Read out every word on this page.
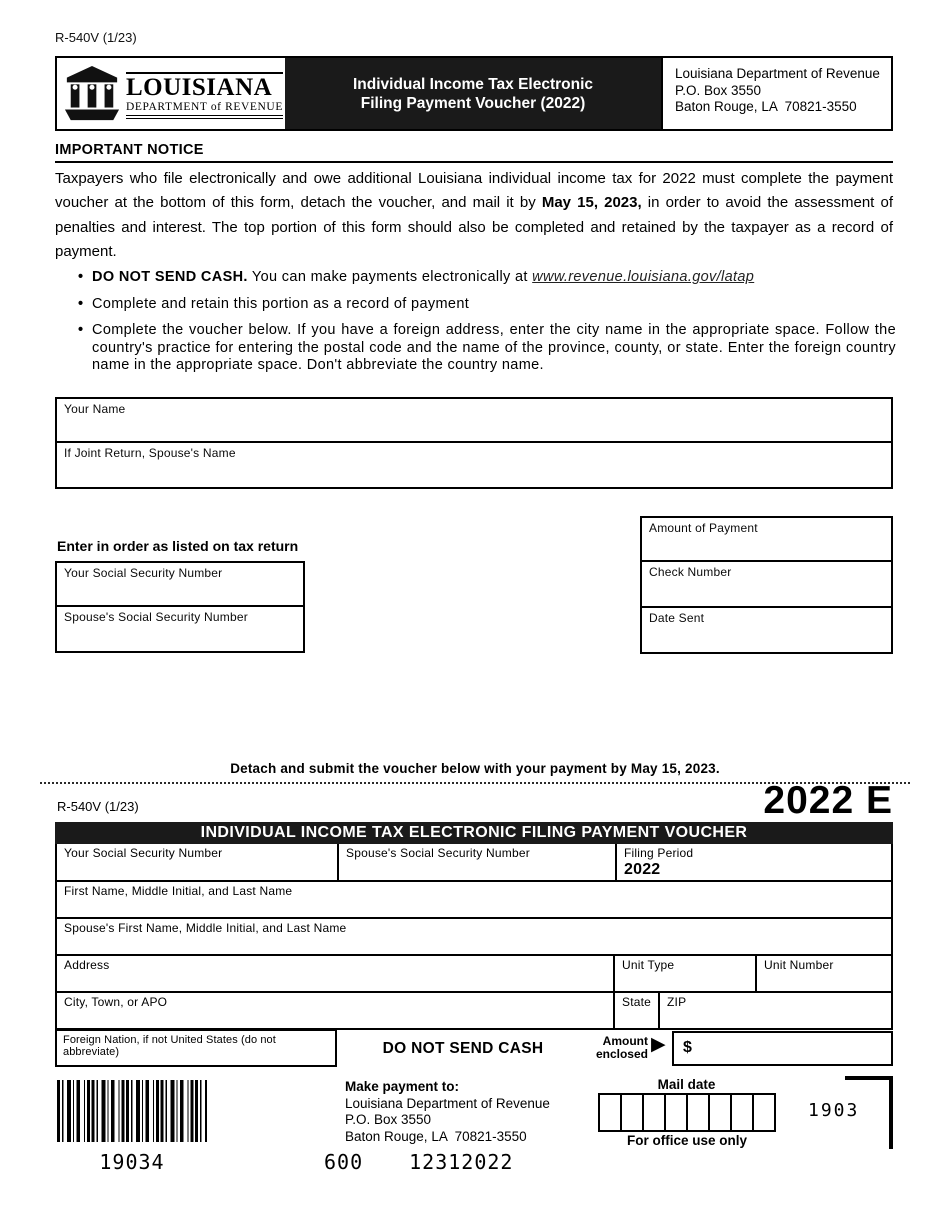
R-540V (1/23)
LOUISIANA
DEPARTMENT of REVENUE
Individual Income Tax Electronic
Filing Payment Voucher (2022)
Louisiana Department of Revenue
P.O. Box 3550
Baton Rouge, LA  70821-3550
IMPORTANT NOTICE
Taxpayers who file electronically and owe additional Louisiana individual income tax for 2022 must complete the payment voucher at the bottom of this form, detach the voucher, and mail it by May 15, 2023, in order to avoid the assessment of penalties and interest. The top portion of this form should also be completed and retained by the taxpayer as a record of payment.
• DO NOT SEND CASH. You can make payments electronically at www.revenue.louisiana.gov/latap
• Complete and retain this portion as a record of payment
• Complete the voucher below. If you have a foreign address, enter the city name in the appropriate space. Follow the country's practice for entering the postal code and the name of the province, county, or state. Enter the foreign country name in the appropriate space. Don't abbreviate the country name.
Your Name
If Joint Return, Spouse's Name
Enter in order as listed on tax return
Your Social Security Number
Spouse's Social Security Number
Amount of Payment
Check Number
Date Sent
Detach and submit the voucher below with your payment by May 15, 2023.
R-540V (1/23)	2022 E
INDIVIDUAL INCOME TAX ELECTRONIC FILING PAYMENT VOUCHER
Your Social Security Number	Spouse's Social Security Number	Filing Period
2022
First Name, Middle Initial, and Last Name
Spouse's First Name, Middle Initial, and Last Name
Address	Unit Type	Unit Number
City, Town, or APO	State	ZIP
Foreign Nation, if not United States (do not abbreviate)	DO NOT SEND CASH	Amount
enclosed ▶	$
19034
Make payment to:
Louisiana Department of Revenue
P.O. Box 3550
Baton Rouge, LA  70821-3550
Mail date
For office use only
1903
600 12312022
